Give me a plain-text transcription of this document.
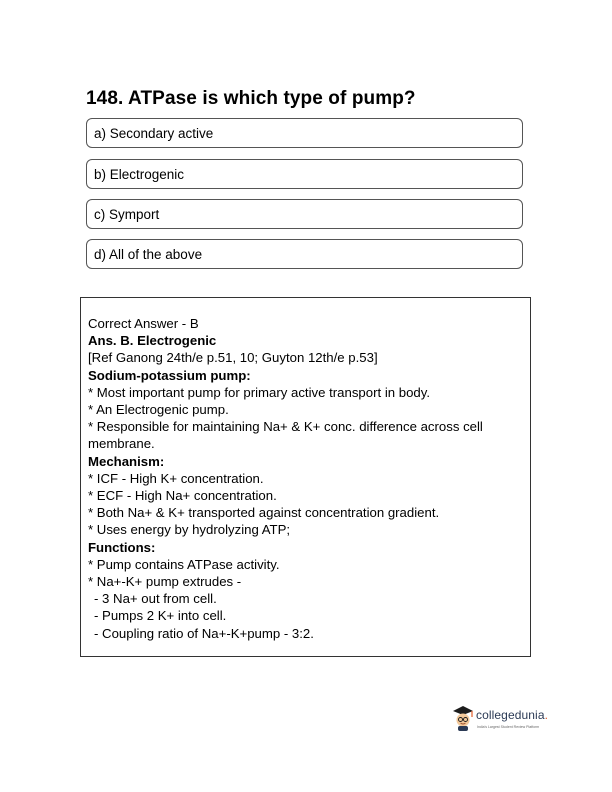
148. ATPase is which type of pump?
a) Secondary active
b) Electrogenic
c) Symport
d) All of the above
Correct Answer - B
Ans. B. Electrogenic
[Ref Ganong 24th/e p.51, 10; Guyton 12th/e p.53]
Sodium-potassium pump:
* Most important pump for primary active transport in body.
* An Electrogenic pump.
* Responsible for maintaining Na+ & K+ conc. difference across cell membrane.
Mechanism:
* ICF - High K+ concentration.
* ECF - High Na+ concentration.
* Both Na+ & K+ transported against concentration gradient.
* Uses energy by hydrolyzing ATP;
Functions:
* Pump contains ATPase activity.
* Na+-K+ pump extrudes -
- 3 Na+ out from cell.
- Pumps 2 K+ into cell.
- Coupling ratio of Na+-K+pump - 3:2.
collegedunia.
India's Largest Student Review Platform
